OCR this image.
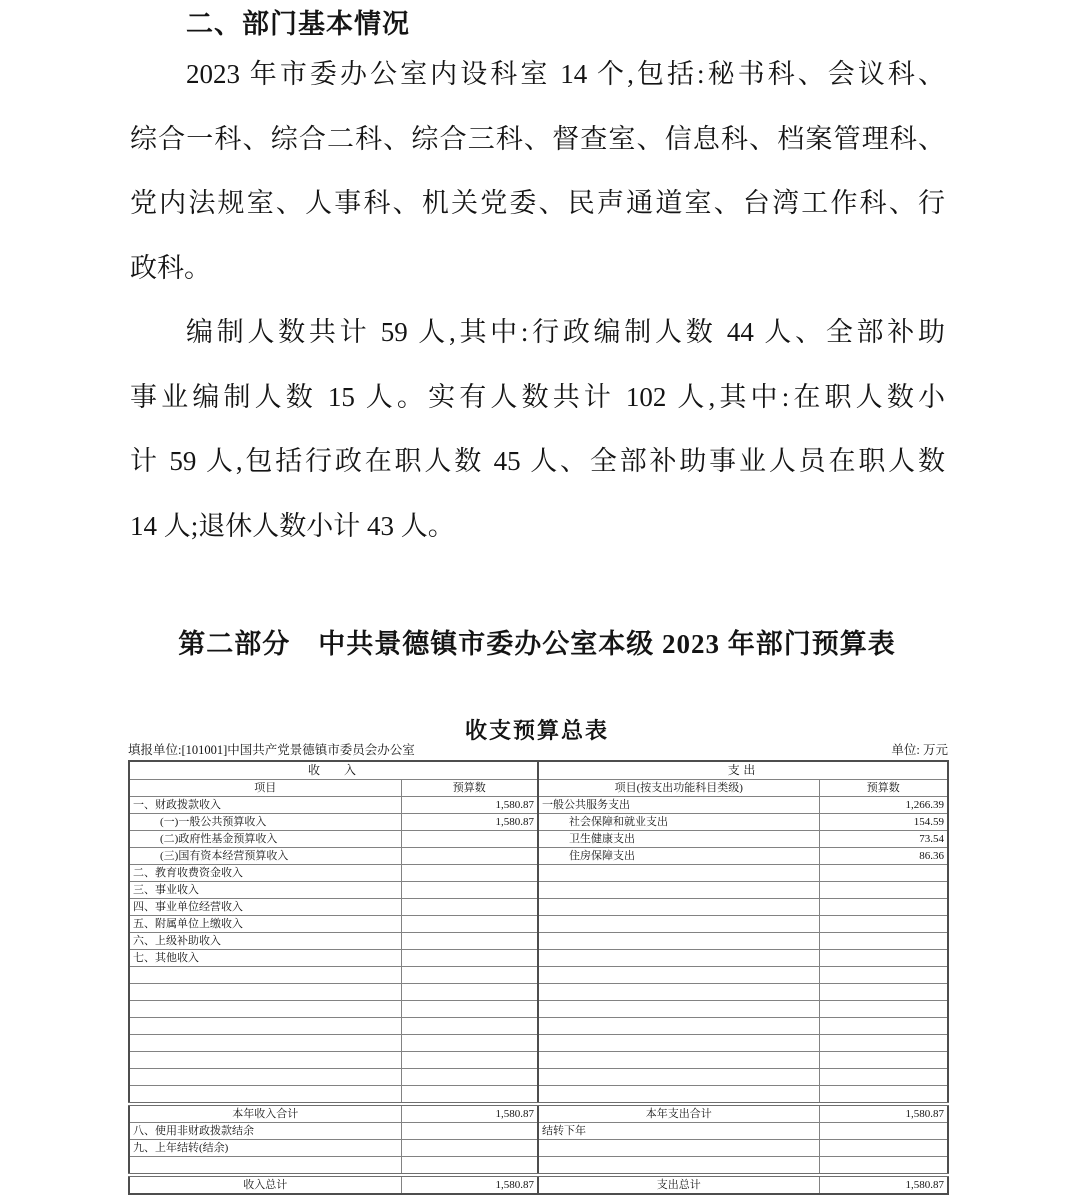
二、部门基本情况
2023 年市委办公室内设科室 14 个,包括:秘书科、会议科、
综合一科、综合二科、综合三科、督查室、信息科、档案管理科、
党内法规室、人事科、机关党委、民声通道室、台湾工作科、行
政科。
编制人数共计 59 人,其中:行政编制人数 44 人、全部补助
事业编制人数 15 人。实有人数共计 102 人,其中:在职人数小
计 59 人,包括行政在职人数 45 人、全部补助事业人员在职人数
14 人;退休人数小计 43 人。
第二部分　中共景德镇市委办公室本级 2023 年部门预算表
收支预算总表
填报单位:[101001]中国共产党景德镇市委员会办公室	单位: 万元
收入		支出	
项目	预算数	项目(按支出功能科目类级)	预算数
一、财政拨款收入	1,580.87	一般公共服务支出	1,266.39
(一)一般公共预算收入	1,580.87	社会保障和就业支出	154.59
(二)政府性基金预算收入		卫生健康支出	73.54
(三)国有资本经营预算收入		住房保障支出	86.36
二、教育收费资金收入			
三、事业收入			
四、事业单位经营收入			
五、附属单位上缴收入			
六、上级补助收入			
七、其他收入			

本年收入合计	1,580.87	本年支出合计	1,580.87
八、使用非财政拨款结余		结转下年	
九、上年结转(结余)			

收入总计	1,580.87	支出总计	1,580.87
